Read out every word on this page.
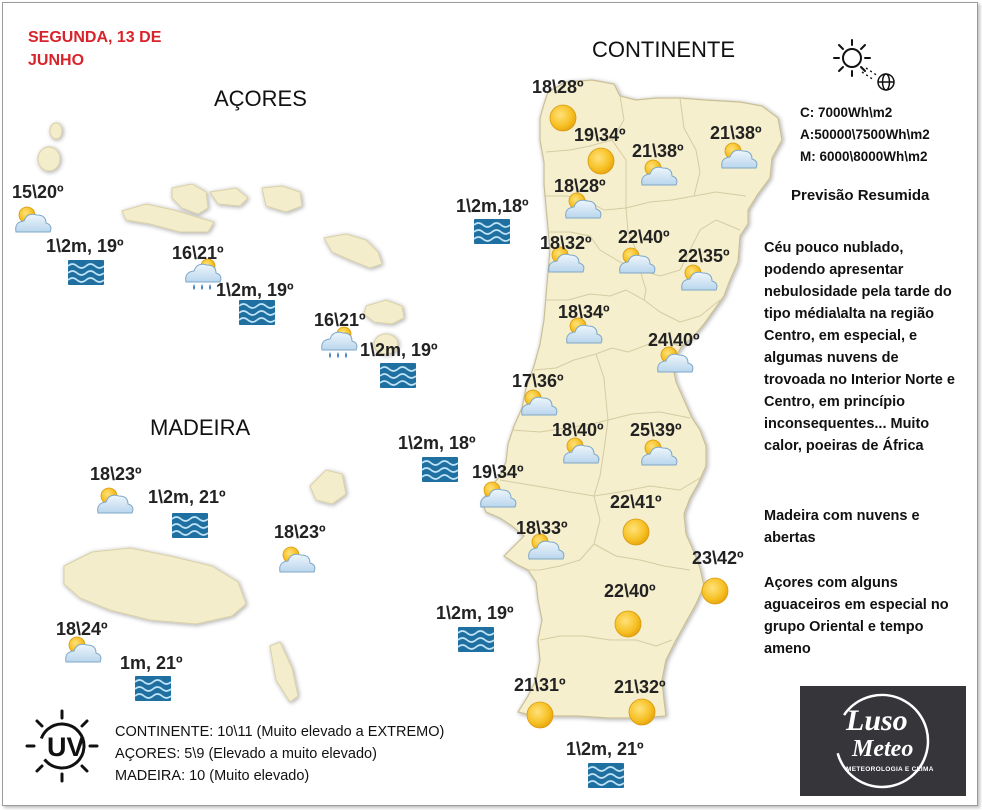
UV
SEGUNDA, 13 DE
JUNHO	CONTINENTE
AÇORES
MADEIRA
C: 7000Wh\m2
A:50000\7500Wh\m2
M: 6000\8000Wh\m2
Previsão Resumida
Céu pouco nublado, podendo apresentar nebulosidade pela tarde do tipo média\alta na região Centro, em especial, e algumas nuvens de trovoada no Interior Norte e Centro, em princípio inconsequentes... Muito calor, poeiras de África
Madeira com nuvens e abertas
Açores com alguns aguaceiros em especial no grupo Oriental e tempo ameno
CONTINENTE: 10\11 (Muito elevado a EXTREMO)
AÇORES: 5\9 (Elevado a muito elevado)
MADEIRA: 10 (Muito elevado)
18\28º
19\34º
21\38º
21\38º
18\28º
18\32º 22\40º
22\35º
18\34º
24\40º
17\36º
18\40º 25\39º
19\34º
22\41º
18\33º
23\42º
22\40º
21\31º	21\32º
1\2m,18º
1\2m, 18º
1\2m, 19º
1\2m, 21º
15\20º
16\21º
16\21º
1\2m, 19º
1\2m, 19º
1\2m, 19º
18\23º
18\23º
18\24º
1\2m, 21º
1m, 21º
Luso
Meteo
METEOROLOGIA E CLIMA
